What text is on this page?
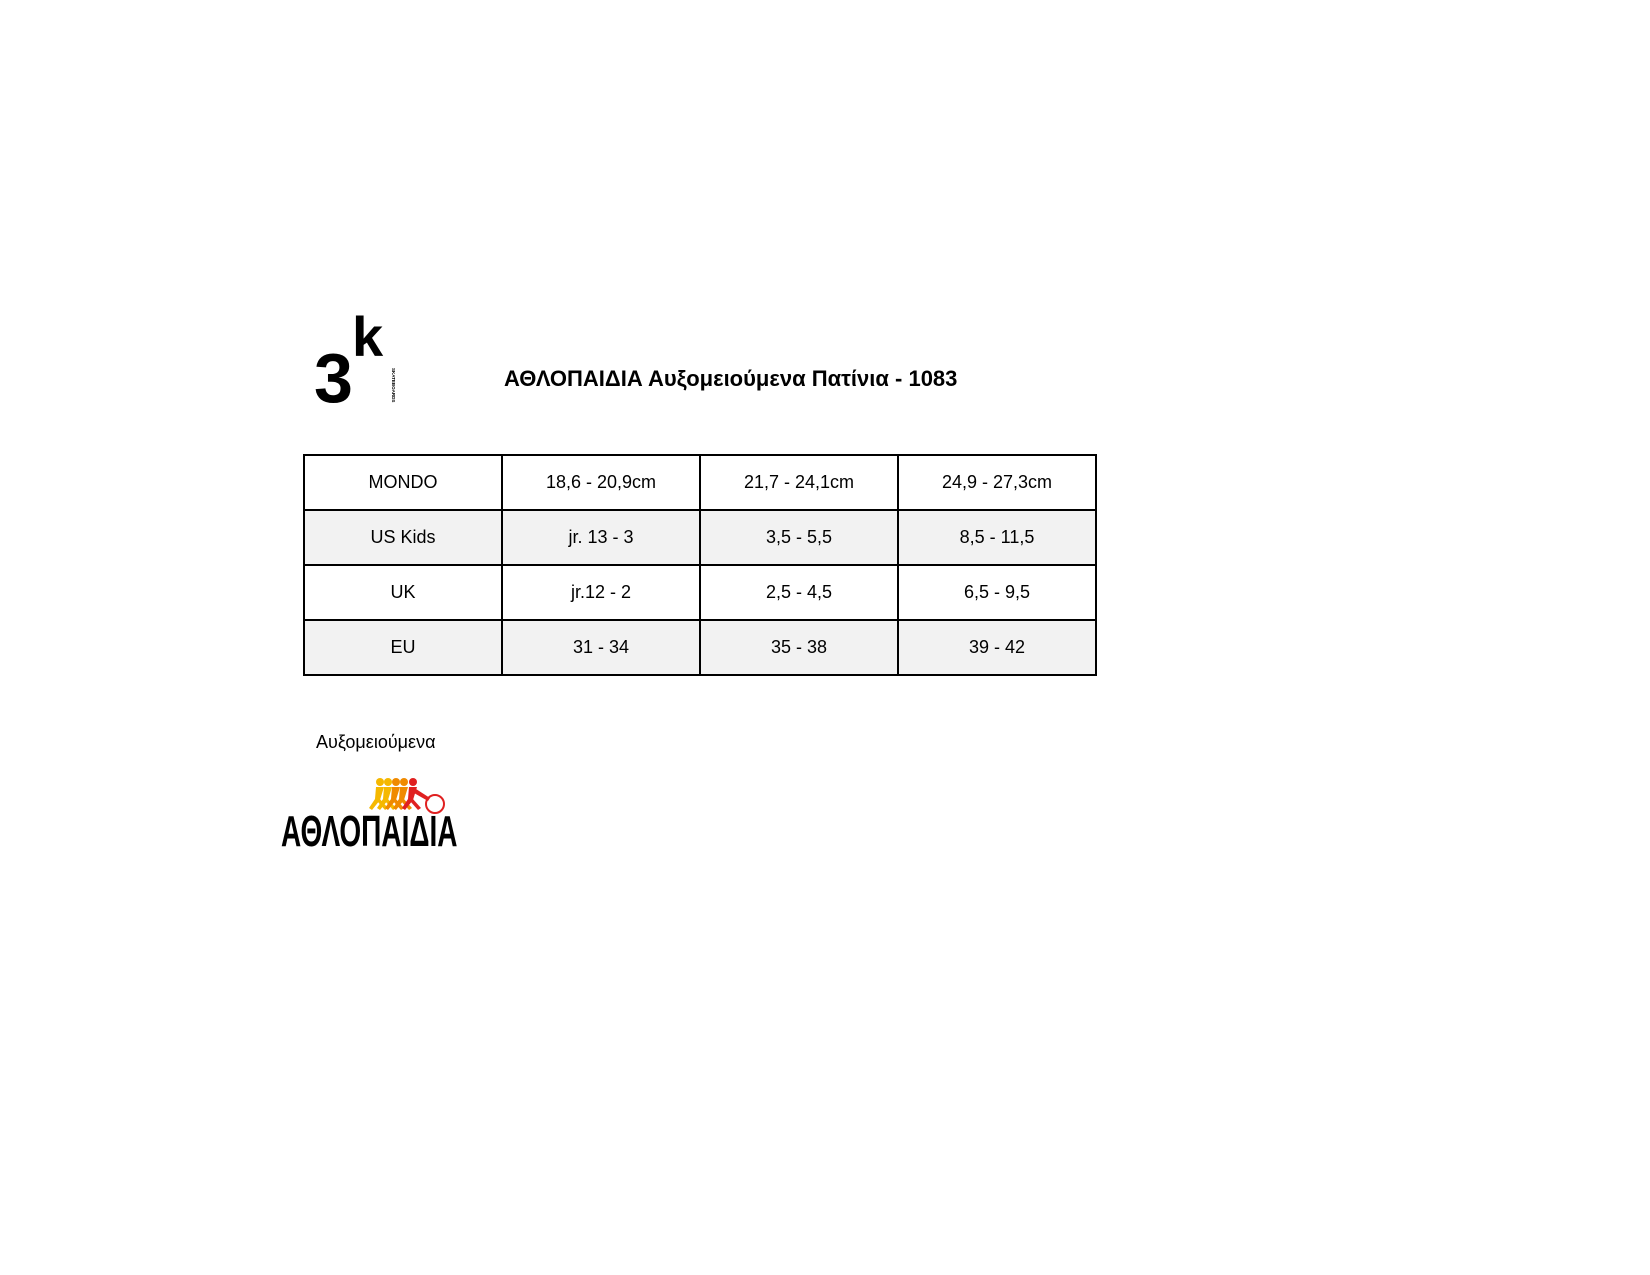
3
k
SKATEBOARDS	ΑΘΛΟΠΑΙΔΙΑ Αυξομειούμενα Πατίνια - 1083
MONDO	18,6 - 20,9cm	21,7 - 24,1cm	24,9 - 27,3cm
US Kids	jr. 13 - 3	3,5 - 5,5	8,5 - 11,5
UK	jr.12 - 2	2,5 - 4,5	6,5 - 9,5
EU	31 - 34	35 - 38	39 - 42

Αυξομειούμενα

ΑΘΛΟΠΑΙΔΙΑ
